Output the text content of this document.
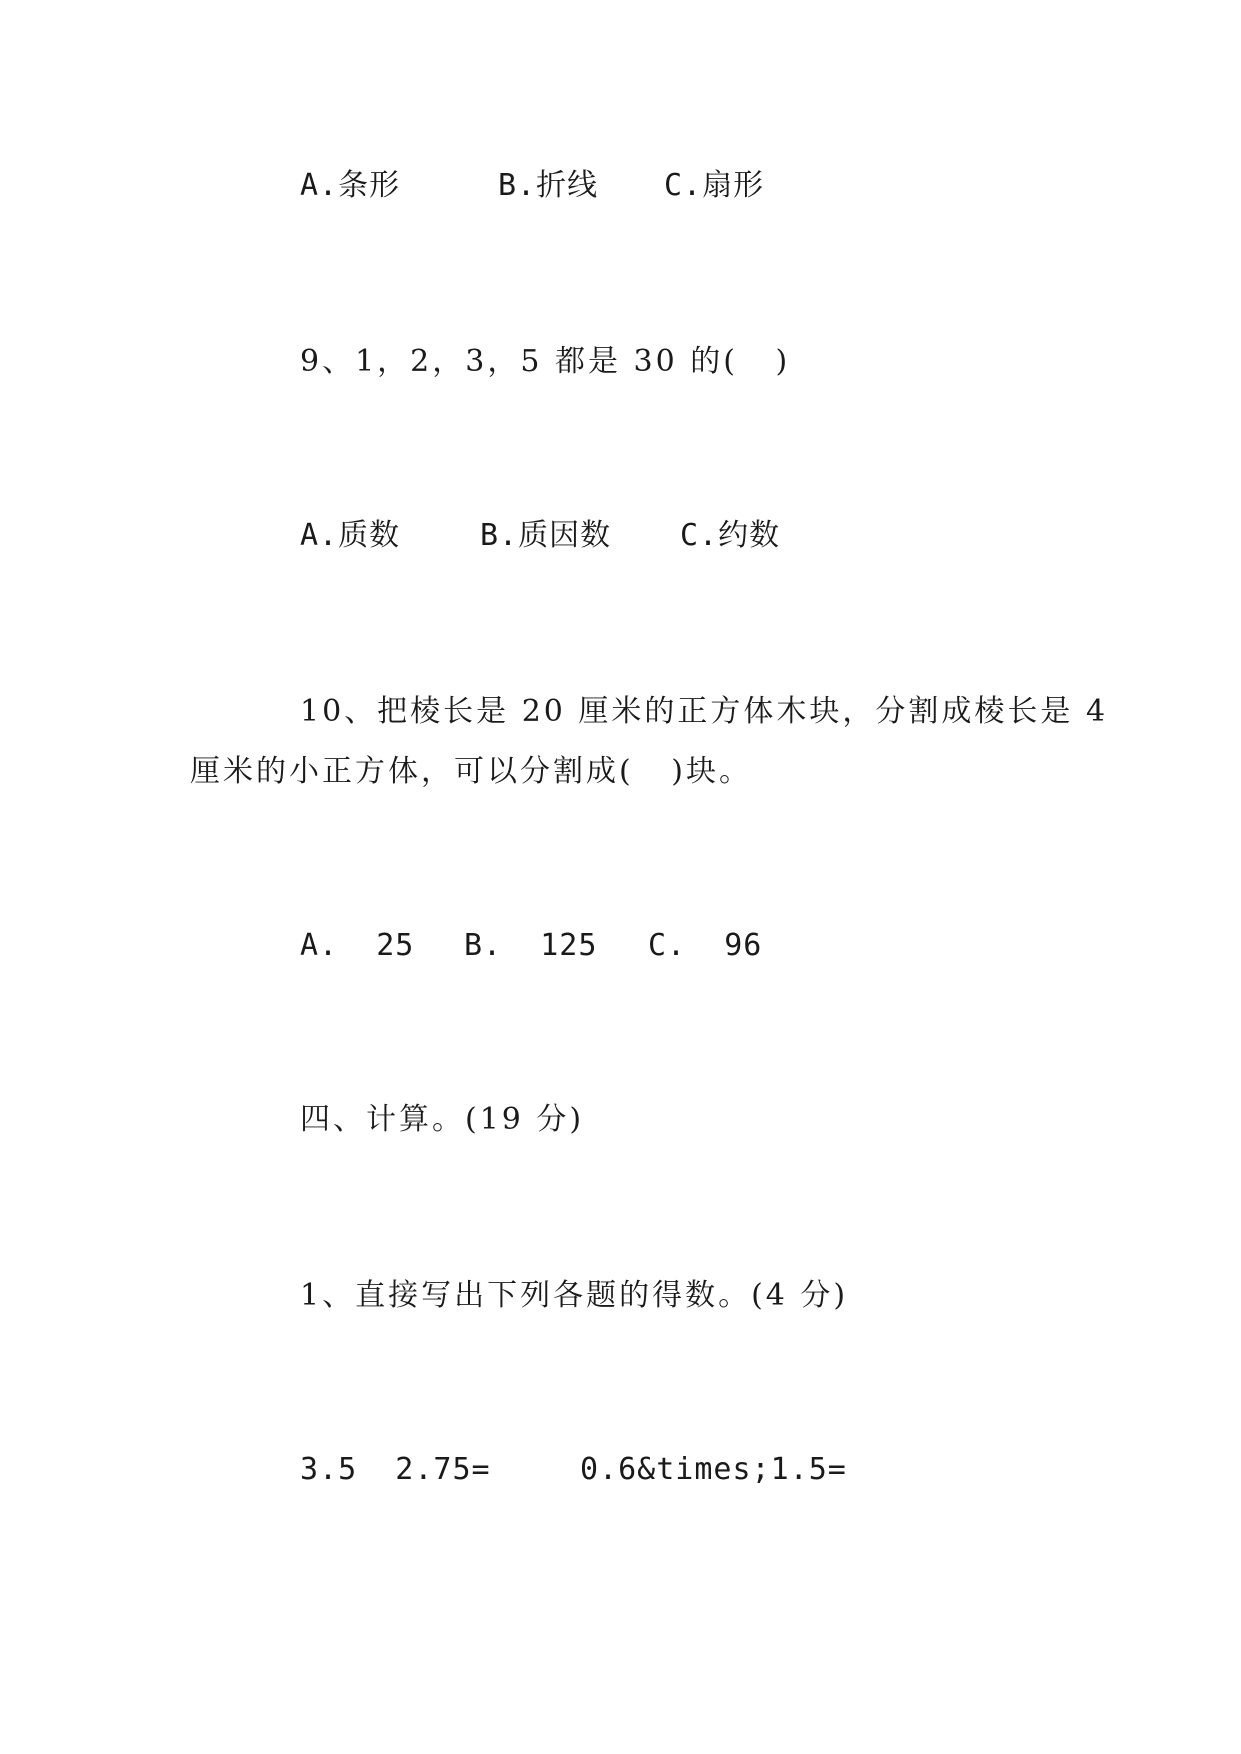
A.条形	B.折线 C.扇形
9、1，2，3，5 都是 30 的(   )
A.质数	B.质因数 C.约数
10、把棱长是 20 厘米的正方体木块，分割成棱长是 4
厘米的小正方体，可以分割成(   )块。
A.  25 B.  125 C.  96
四、计算。(19 分)
1、直接写出下列各题的得数。(4 分)
3.5  2.75=	0.6&times;1.5=
